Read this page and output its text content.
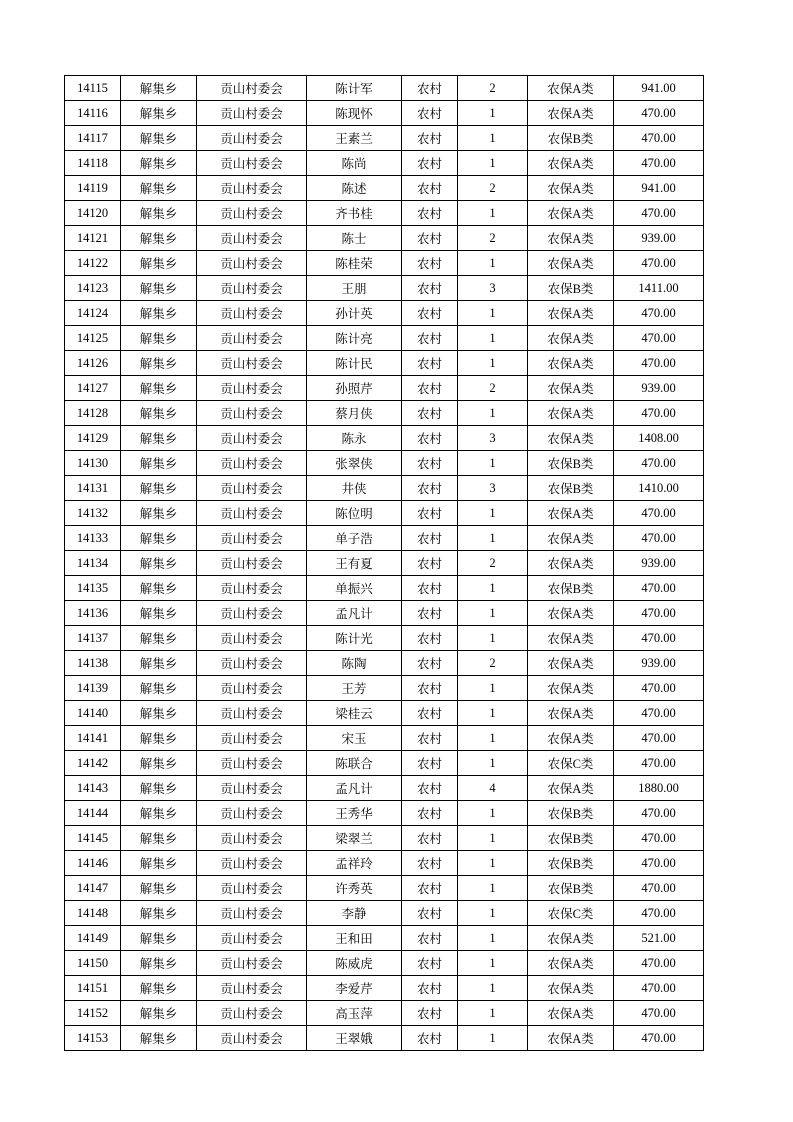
14115	解集乡	贡山村委会	陈计军	农村	2	农保A类	941.00
14116	解集乡	贡山村委会	陈现怀	农村	1	农保A类	470.00
14117	解集乡	贡山村委会	王素兰	农村	1	农保B类	470.00
14118	解集乡	贡山村委会	陈尚	农村	1	农保A类	470.00
14119	解集乡	贡山村委会	陈述	农村	2	农保A类	941.00
14120	解集乡	贡山村委会	齐书桂	农村	1	农保A类	470.00
14121	解集乡	贡山村委会	陈士	农村	2	农保A类	939.00
14122	解集乡	贡山村委会	陈桂荣	农村	1	农保A类	470.00
14123	解集乡	贡山村委会	王朋	农村	3	农保B类	1411.00
14124	解集乡	贡山村委会	孙计英	农村	1	农保A类	470.00
14125	解集乡	贡山村委会	陈计亮	农村	1	农保A类	470.00
14126	解集乡	贡山村委会	陈计民	农村	1	农保A类	470.00
14127	解集乡	贡山村委会	孙照芹	农村	2	农保A类	939.00
14128	解集乡	贡山村委会	蔡月侠	农村	1	农保A类	470.00
14129	解集乡	贡山村委会	陈永	农村	3	农保A类	1408.00
14130	解集乡	贡山村委会	张翠侠	农村	1	农保B类	470.00
14131	解集乡	贡山村委会	井侠	农村	3	农保B类	1410.00
14132	解集乡	贡山村委会	陈位明	农村	1	农保A类	470.00
14133	解集乡	贡山村委会	单子浩	农村	1	农保A类	470.00
14134	解集乡	贡山村委会	王有夏	农村	2	农保A类	939.00
14135	解集乡	贡山村委会	单振兴	农村	1	农保B类	470.00
14136	解集乡	贡山村委会	孟凡计	农村	1	农保A类	470.00
14137	解集乡	贡山村委会	陈计光	农村	1	农保A类	470.00
14138	解集乡	贡山村委会	陈陶	农村	2	农保A类	939.00
14139	解集乡	贡山村委会	王芳	农村	1	农保A类	470.00
14140	解集乡	贡山村委会	梁桂云	农村	1	农保A类	470.00
14141	解集乡	贡山村委会	宋玉	农村	1	农保A类	470.00
14142	解集乡	贡山村委会	陈联合	农村	1	农保C类	470.00
14143	解集乡	贡山村委会	孟凡计	农村	4	农保A类	1880.00
14144	解集乡	贡山村委会	王秀华	农村	1	农保B类	470.00
14145	解集乡	贡山村委会	梁翠兰	农村	1	农保B类	470.00
14146	解集乡	贡山村委会	孟祥玲	农村	1	农保B类	470.00
14147	解集乡	贡山村委会	许秀英	农村	1	农保B类	470.00
14148	解集乡	贡山村委会	李静	农村	1	农保C类	470.00
14149	解集乡	贡山村委会	王和田	农村	1	农保A类	521.00
14150	解集乡	贡山村委会	陈威虎	农村	1	农保A类	470.00
14151	解集乡	贡山村委会	李爱芹	农村	1	农保A类	470.00
14152	解集乡	贡山村委会	高玉萍	农村	1	农保A类	470.00
14153	解集乡	贡山村委会	王翠娥	农村	1	农保A类	470.00
